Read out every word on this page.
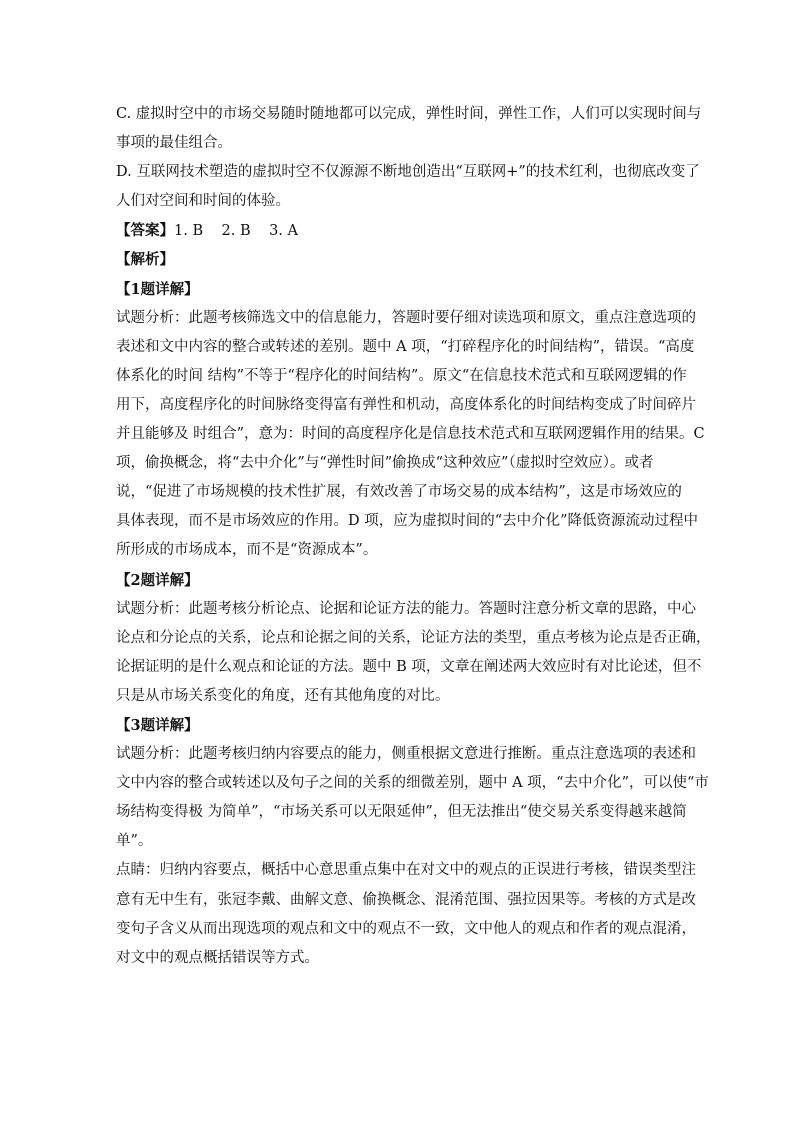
C. 虚拟时空中的市场交易随时随地都可以完成，弹性时间，弹性工作，人们可以实现时间与
事项的最佳组合。
D. 互联网技术塑造的虚拟时空不仅源源不断地创造出“互联网+”的技术红利，也彻底改变了
人们对空间和时间的体验。
【答案】1. B    2. B    3. A
【解析】
【1题详解】
试题分析：此题考核筛选文中的信息能力，答题时要仔细对读选项和原文，重点注意选项的
表述和文中内容的整合或转述的差别。题中 A 项，“打碎程序化的时间结构”，错误。“高度
体系化的时间 结构”不等于“程序化的时间结构”。原文“在信息技术范式和互联网逻辑的作
用下，高度程序化的时间脉络变得富有弹性和机动，高度体系化的时间结构变成了时间碎片
并且能够及 时组合”，意为：时间的高度程序化是信息技术范式和互联网逻辑作用的结果。C
项，偷换概念，将“去中介化”与“弹性时间”偷换成“这种效应”（虚拟时空效应）。或者
说，“促进了市场规模的技术性扩展，有效改善了市场交易的成本结构”，这是市场效应的
具体表现，而不是市场效应的作用。D 项，应为虚拟时间的“去中介化”降低资源流动过程中
所形成的市场成本，而不是“资源成本”。
【2题详解】
试题分析：此题考核分析论点、论据和论证方法的能力。答题时注意分析文章的思路，中心
论点和分论点的关系，论点和论据之间的关系，论证方法的类型，重点考核为论点是否正确，
论据证明的是什么观点和论证的方法。题中 B 项，文章在阐述两大效应时有对比论述，但不
只是从市场关系变化的角度，还有其他角度的对比。
【3题详解】
试题分析：此题考核归纳内容要点的能力，侧重根据文意进行推断。重点注意选项的表述和
文中内容的整合或转述以及句子之间的关系的细微差别，题中 A 项，“去中介化”，可以使“市
场结构变得极 为简单”，“市场关系可以无限延伸”，但无法推出“使交易关系变得越来越简
单”。
点睛：归纳内容要点，概括中心意思重点集中在对文中的观点的正误进行考核，错误类型注
意有无中生有，张冠李戴、曲解文意、偷换概念、混淆范围、强拉因果等。考核的方式是改
变句子含义从而出现选项的观点和文中的观点不一致，文中他人的观点和作者的观点混淆，
对文中的观点概括错误等方式。
